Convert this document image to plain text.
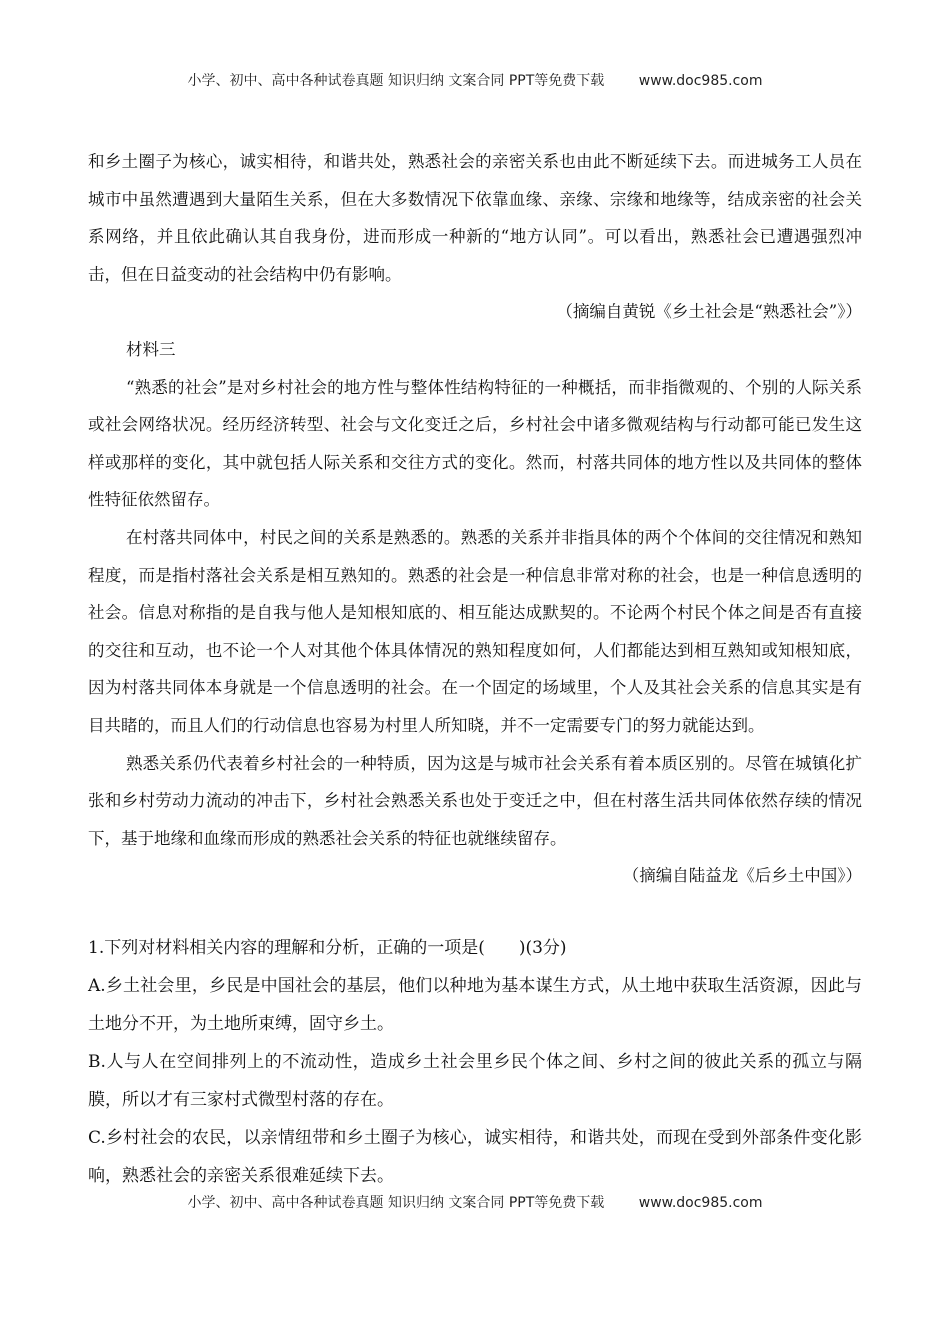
小学、初中、高中各种试卷真题 知识归纳 文案合同 PPT等免费下载 www.doc985.com

和乡土圈子为核心，诚实相待，和谐共处，熟悉社会的亲密关系也由此不断延续下去。而进城务工人员在城市中虽然遭遇到大量陌生关系，但在大多数情况下依靠血缘、亲缘、宗缘和地缘等，结成亲密的社会关系网络，并且依此确认其自我身份，进而形成一种新的“地方认同”。可以看出，熟悉社会已遭遇强烈冲击，但在日益变动的社会结构中仍有影响。

（摘编自黄锐《乡土社会是“熟悉社会”》）

材料三

“熟悉的社会”是对乡村社会的地方性与整体性结构特征的一种概括，而非指微观的、个别的人际关系或社会网络状况。经历经济转型、社会与文化变迁之后，乡村社会中诸多微观结构与行动都可能已发生这样或那样的变化，其中就包括人际关系和交往方式的变化。然而，村落共同体的地方性以及共同体的整体性特征依然留存。

在村落共同体中，村民之间的关系是熟悉的。熟悉的关系并非指具体的两个个体间的交往情况和熟知程度，而是指村落社会关系是相互熟知的。熟悉的社会是一种信息非常对称的社会，也是一种信息透明的社会。信息对称指的是自我与他人是知根知底的、相互能达成默契的。不论两个村民个体之间是否有直接的交往和互动，也不论一个人对其他个体具体情况的熟知程度如何，人们都能达到相互熟知或知根知底，因为村落共同体本身就是一个信息透明的社会。在一个固定的场域里，个人及其社会关系的信息其实是有目共睹的，而且人们的行动信息也容易为村里人所知晓，并不一定需要专门的努力就能达到。

熟悉关系仍代表着乡村社会的一种特质，因为这是与城市社会关系有着本质区别的。尽管在城镇化扩张和乡村劳动力流动的冲击下，乡村社会熟悉关系也处于变迁之中，但在村落生活共同体依然存续的情况下，基于地缘和血缘而形成的熟悉社会关系的特征也就继续留存。

（摘编自陆益龙《后乡土中国》）

1.下列对材料相关内容的理解和分析，正确的一项是(　　)(3分)

A.乡土社会里，乡民是中国社会的基层，他们以种地为基本谋生方式，从土地中获取生活资源，因此与土地分不开，为土地所束缚，固守乡土。

B.人与人在空间排列上的不流动性，造成乡土社会里乡民个体之间、乡村之间的彼此关系的孤立与隔膜，所以才有三家村式微型村落的存在。

C.乡村社会的农民，以亲情纽带和乡土圈子为核心，诚实相待，和谐共处，而现在受到外部条件变化影响，熟悉社会的亲密关系很难延续下去。

小学、初中、高中各种试卷真题 知识归纳 文案合同 PPT等免费下载 www.doc985.com
